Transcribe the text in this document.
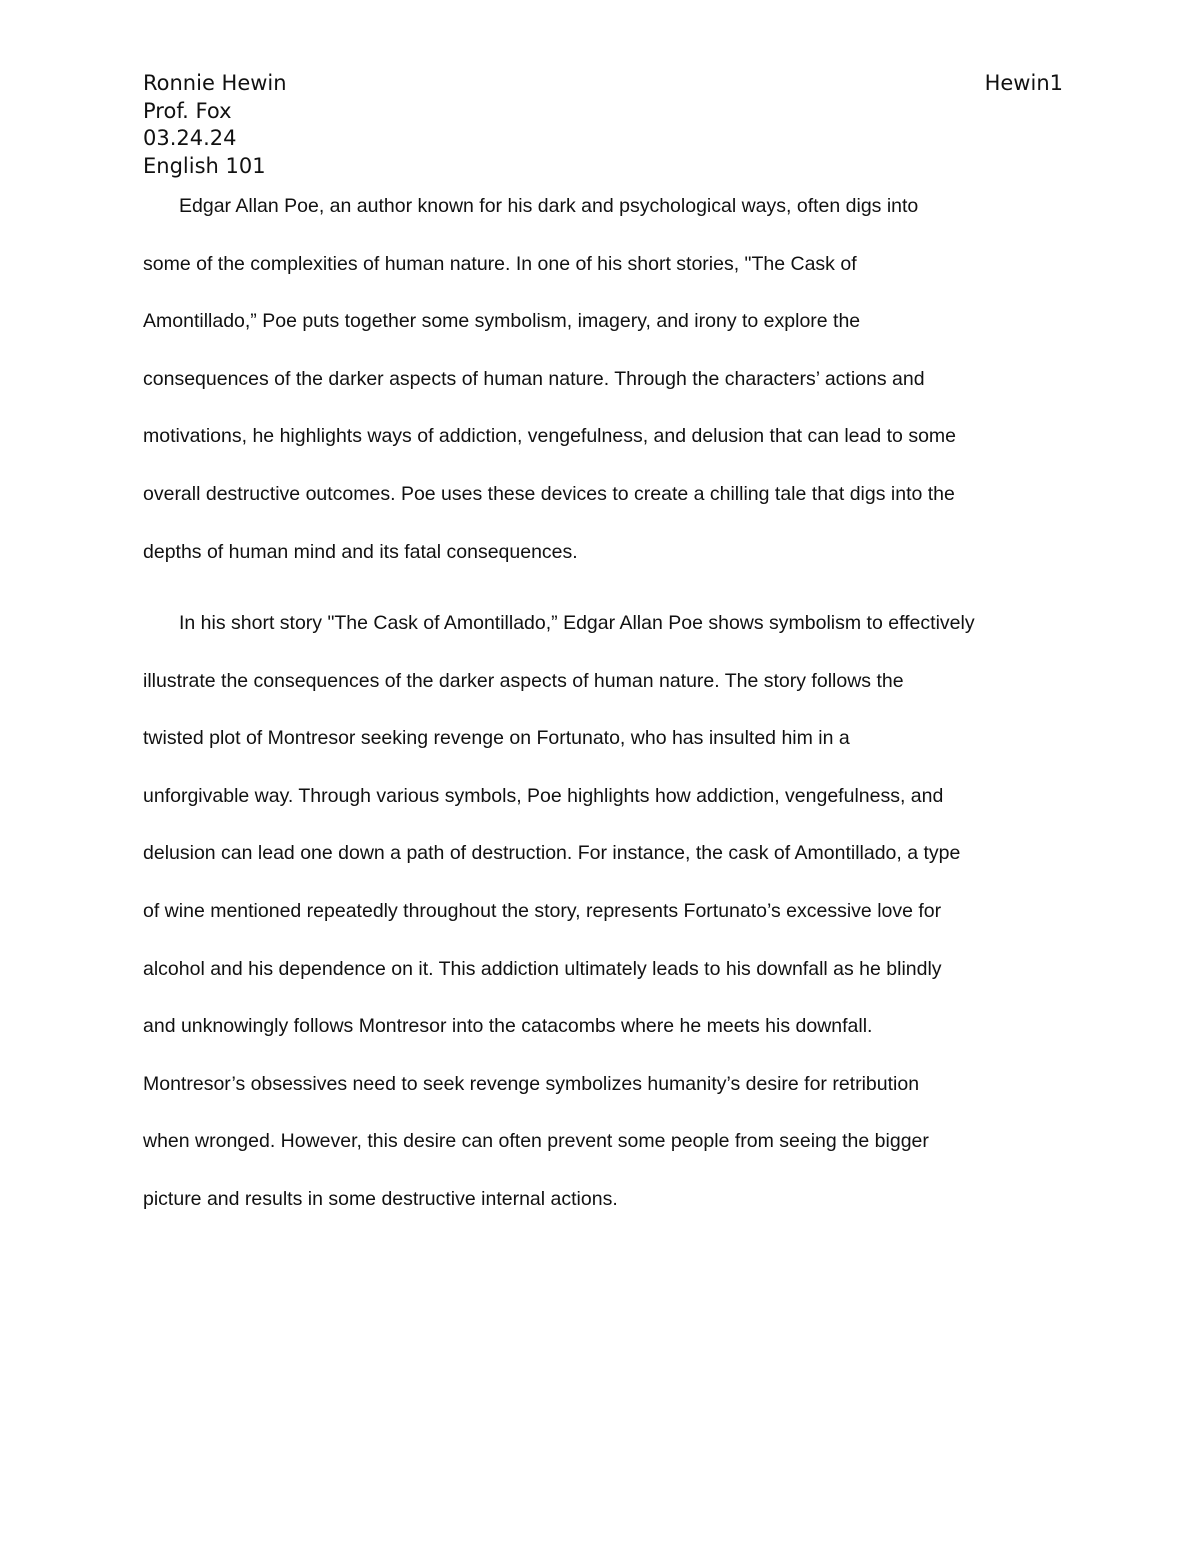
Ronnie Hewin	Hewin1
Prof. Fox
03.24.24
English 101
Edgar Allan Poe, an author known for his dark and psychological ways, often digs into
some of the complexities of human nature. In one of his short stories, "The Cask of
Amontillado,” Poe puts together some symbolism, imagery, and irony to explore the
consequences of the darker aspects of human nature. Through the characters’ actions and
motivations, he highlights ways of addiction, vengefulness, and delusion that can lead to some
overall destructive outcomes. Poe uses these devices to create a chilling tale that digs into the
depths of human mind and its fatal consequences.
In his short story "The Cask of Amontillado,” Edgar Allan Poe shows symbolism to effectively
illustrate the consequences of the darker aspects of human nature. The story follows the
twisted plot of Montresor seeking revenge on Fortunato, who has insulted him in a
unforgivable way. Through various symbols, Poe highlights how addiction, vengefulness, and
delusion can lead one down a path of destruction. For instance, the cask of Amontillado, a type
of wine mentioned repeatedly throughout the story, represents Fortunato’s excessive love for
alcohol and his dependence on it. This addiction ultimately leads to his downfall as he blindly
and unknowingly follows Montresor into the catacombs where he meets his downfall.
Montresor’s obsessives need to seek revenge symbolizes humanity’s desire for retribution
when wronged. However, this desire can often prevent some people from seeing the bigger
picture and results in some destructive internal actions.
